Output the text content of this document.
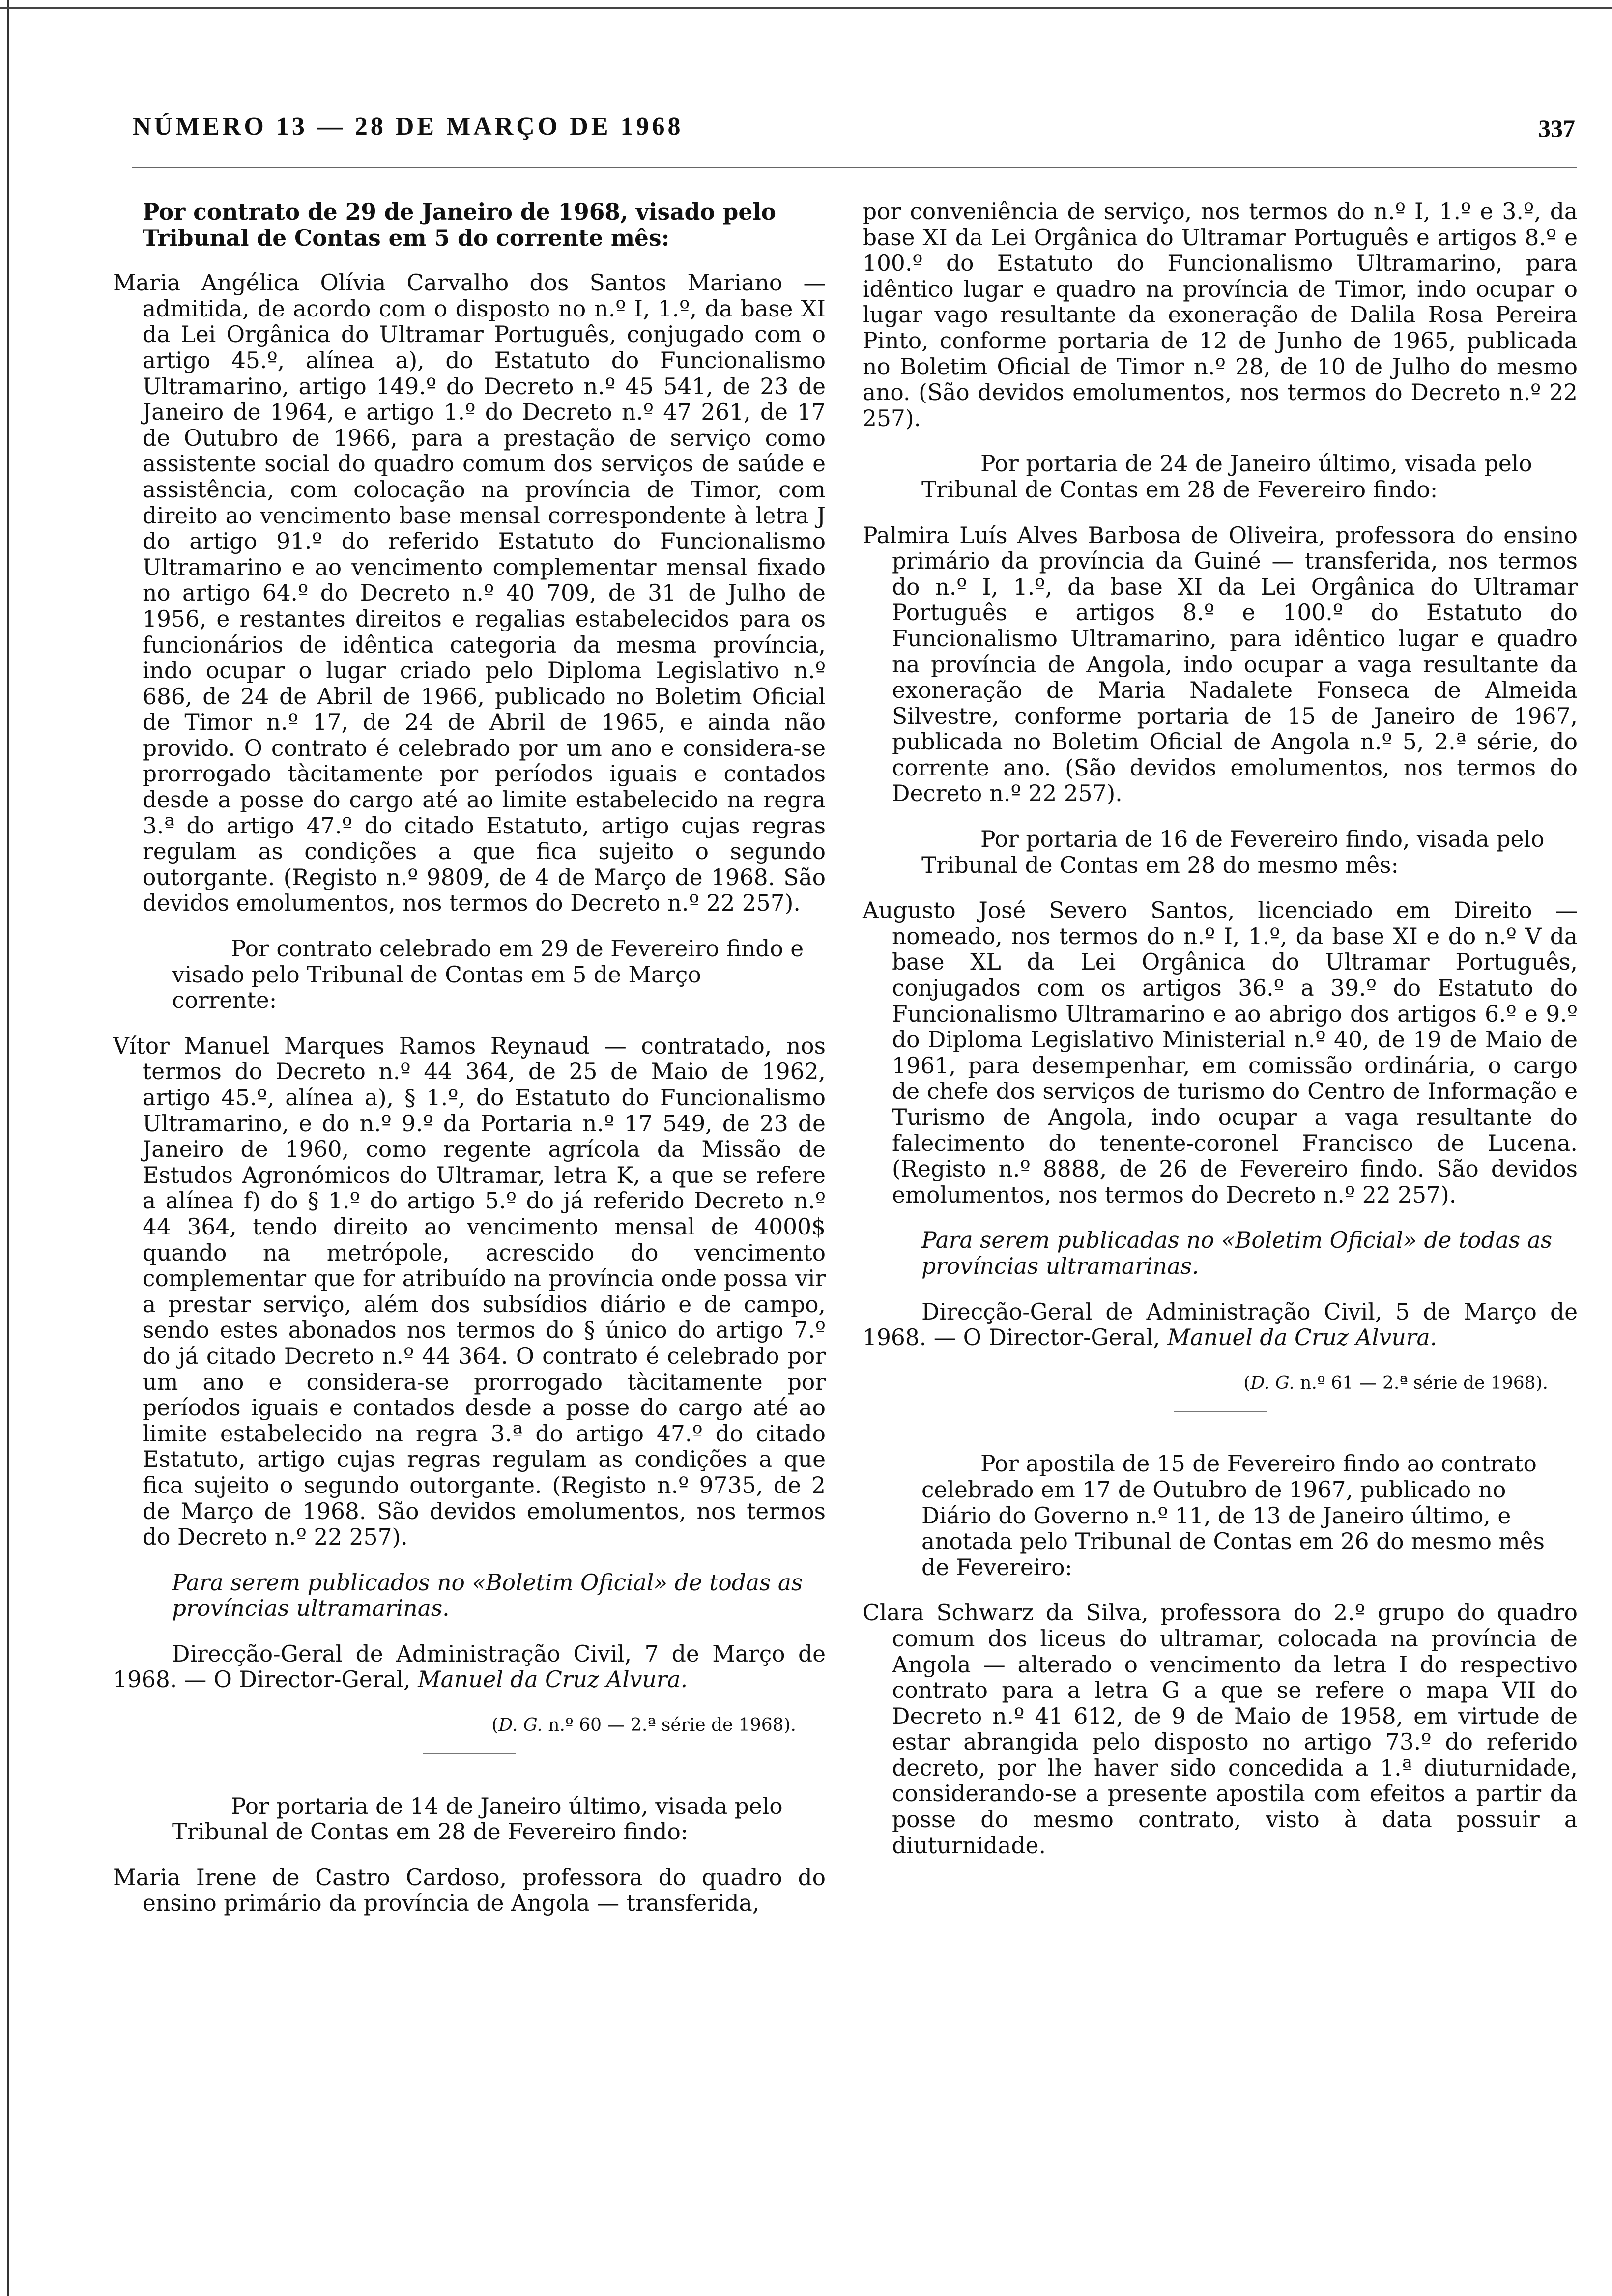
NÚMERO 13 — 28 DE MARÇO DE 1968	337

Por contrato de 29 de Janeiro de 1968, visado pelo Tribunal de Contas em 5 do corrente mês:

Maria Angélica Olívia Carvalho dos Santos Mariano — admitida, de acordo com o disposto no n.º I, 1.º, da base XI da Lei Orgânica do Ultramar Português, conjugado com o artigo 45.º, alínea a), do Estatuto do Funcionalismo Ultramarino, artigo 149.º do Decreto n.º 45 541, de 23 de Janeiro de 1964, e artigo 1.º do Decreto n.º 47 261, de 17 de Outubro de 1966, para a prestação de serviço como assistente social do quadro comum dos serviços de saúde e assistência, com colocação na província de Timor, com direito ao vencimento base mensal correspondente à letra J do artigo 91.º do referido Estatuto do Funcionalismo Ultramarino e ao vencimento complementar mensal fixado no artigo 64.º do Decreto n.º 40 709, de 31 de Julho de 1956, e restantes direitos e regalias estabelecidos para os funcionários de idêntica categoria da mesma província, indo ocupar o lugar criado pelo Diploma Legislativo n.º 686, de 24 de Abril de 1966, publicado no Boletim Oficial de Timor n.º 17, de 24 de Abril de 1965, e ainda não provido. O contrato é celebrado por um ano e considera-se prorrogado tàcitamente por períodos iguais e contados desde a posse do cargo até ao limite estabelecido na regra 3.ª do artigo 47.º do citado Estatuto, artigo cujas regras regulam as condições a que fica sujeito o segundo outorgante. (Registo n.º 9809, de 4 de Março de 1968. São devidos emolumentos, nos termos do Decreto n.º 22 257).

Por contrato celebrado em 29 de Fevereiro findo e visado pelo Tribunal de Contas em 5 de Março corrente:

Vítor Manuel Marques Ramos Reynaud — contratado, nos termos do Decreto n.º 44 364, de 25 de Maio de 1962, artigo 45.º, alínea a), § 1.º, do Estatuto do Funcionalismo Ultramarino, e do n.º 9.º da Portaria n.º 17 549, de 23 de Janeiro de 1960, como regente agrícola da Missão de Estudos Agronómicos do Ultramar, letra K, a que se refere a alínea f) do § 1.º do artigo 5.º do já referido Decreto n.º 44 364, tendo direito ao vencimento mensal de 4000$ quando na metrópole, acrescido do vencimento complementar que for atribuído na província onde possa vir a prestar serviço, além dos subsídios diário e de campo, sendo estes abonados nos termos do § único do artigo 7.º do já citado Decreto n.º 44 364. O contrato é celebrado por um ano e considera-se prorrogado tàcitamente por períodos iguais e contados desde a posse do cargo até ao limite estabelecido na regra 3.ª do artigo 47.º do citado Estatuto, artigo cujas regras regulam as condições a que fica sujeito o segundo outorgante. (Registo n.º 9735, de 2 de Março de 1968. São devidos emolumentos, nos termos do Decreto n.º 22 257).

Para serem publicados no «Boletim Oficial» de todas as províncias ultramarinas.

Direcção-Geral de Administração Civil, 7 de Março de 1968. — O Director-Geral, Manuel da Cruz Alvura.

(D. G. n.º 60 — 2.ª série de 1968).

Por portaria de 14 de Janeiro último, visada pelo Tribunal de Contas em 28 de Fevereiro findo:

Maria Irene de Castro Cardoso, professora do quadro do ensino primário da província de Angola — transferida,

por conveniência de serviço, nos termos do n.º I, 1.º e 3.º, da base XI da Lei Orgânica do Ultramar Português e artigos 8.º e 100.º do Estatuto do Funcionalismo Ultramarino, para idêntico lugar e quadro na província de Timor, indo ocupar o lugar vago resultante da exoneração de Dalila Rosa Pereira Pinto, conforme portaria de 12 de Junho de 1965, publicada no Boletim Oficial de Timor n.º 28, de 10 de Julho do mesmo ano. (São devidos emolumentos, nos termos do Decreto n.º 22 257).

Por portaria de 24 de Janeiro último, visada pelo Tribunal de Contas em 28 de Fevereiro findo:

Palmira Luís Alves Barbosa de Oliveira, professora do ensino primário da província da Guiné — transferida, nos termos do n.º I, 1.º, da base XI da Lei Orgânica do Ultramar Português e artigos 8.º e 100.º do Estatuto do Funcionalismo Ultramarino, para idêntico lugar e quadro na província de Angola, indo ocupar a vaga resultante da exoneração de Maria Nadalete Fonseca de Almeida Silvestre, conforme portaria de 15 de Janeiro de 1967, publicada no Boletim Oficial de Angola n.º 5, 2.ª série, do corrente ano. (São devidos emolumentos, nos termos do Decreto n.º 22 257).

Por portaria de 16 de Fevereiro findo, visada pelo Tribunal de Contas em 28 do mesmo mês:

Augusto José Severo Santos, licenciado em Direito — nomeado, nos termos do n.º I, 1.º, da base XI e do n.º V da base XL da Lei Orgânica do Ultramar Português, conjugados com os artigos 36.º a 39.º do Estatuto do Funcionalismo Ultramarino e ao abrigo dos artigos 6.º e 9.º do Diploma Legislativo Ministerial n.º 40, de 19 de Maio de 1961, para desempenhar, em comissão ordinária, o cargo de chefe dos serviços de turismo do Centro de Informação e Turismo de Angola, indo ocupar a vaga resultante do falecimento do tenente-coronel Francisco de Lucena. (Registo n.º 8888, de 26 de Fevereiro findo. São devidos emolumentos, nos termos do Decreto n.º 22 257).

Para serem publicadas no «Boletim Oficial» de todas as províncias ultramarinas.

Direcção-Geral de Administração Civil, 5 de Março de 1968. — O Director-Geral, Manuel da Cruz Alvura.

(D. G. n.º 61 — 2.ª série de 1968).

Por apostila de 15 de Fevereiro findo ao contrato celebrado em 17 de Outubro de 1967, publicado no Diário do Governo n.º 11, de 13 de Janeiro último, e anotada pelo Tribunal de Contas em 26 do mesmo mês de Fevereiro:

Clara Schwarz da Silva, professora do 2.º grupo do quadro comum dos liceus do ultramar, colocada na província de Angola — alterado o vencimento da letra I do respectivo contrato para a letra G a que se refere o mapa VII do Decreto n.º 41 612, de 9 de Maio de 1958, em virtude de estar abrangida pelo disposto no artigo 73.º do referido decreto, por lhe haver sido concedida a 1.ª diuturnidade, considerando-se a presente apostila com efeitos a partir da posse do mesmo contrato, visto à data possuir a diuturnidade.
